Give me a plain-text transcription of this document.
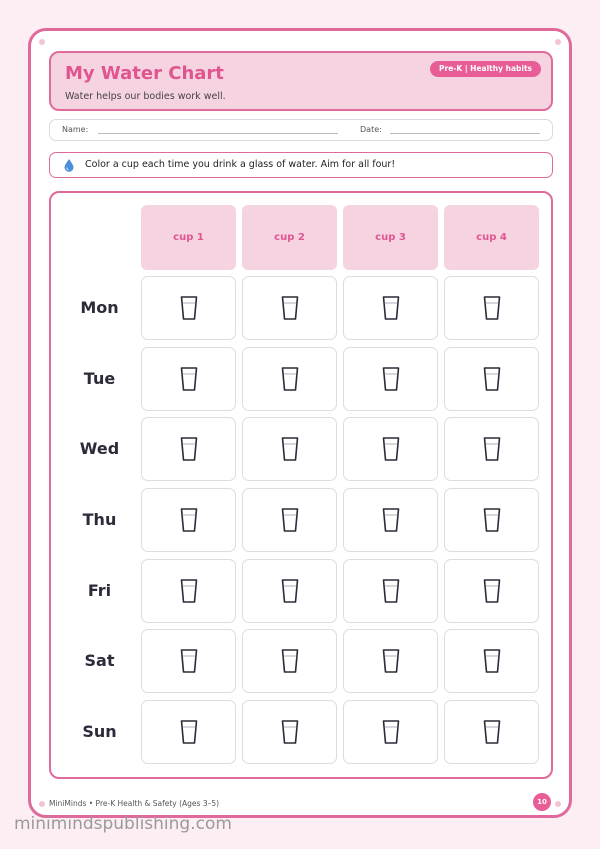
My Water Chart
Water helps our bodies work well.
Pre-K | Healthy habits
Name:	Date:
Color a cup each time you drink a glass of water. Aim for all four!
cup 1	cup 2	cup 3	cup 4
Mon
Tue
Wed
Thu
Fri
Sat
Sun
MiniMinds • Pre-K Health & Safety (Ages 3–5)	10
minimindspublishing.com
